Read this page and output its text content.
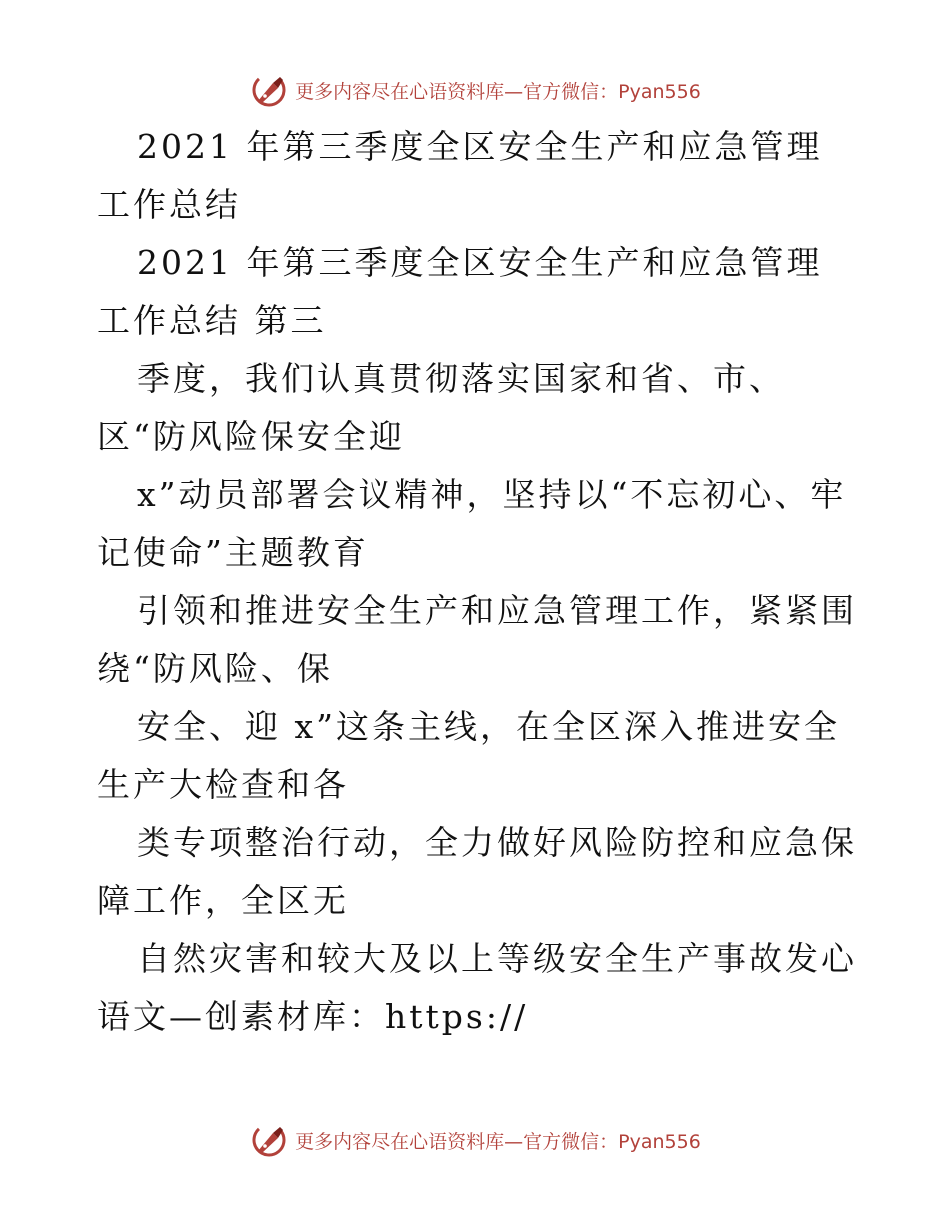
更多内容尽在心语资料库—官方微信：Pyan556

2021 年第三季度全区安全生产和应急管理工作总结

2021 年第三季度全区安全生产和应急管理工作总结 第三

季度，我们认真贯彻落实国家和省、市、区“防风险保安全迎

x”动员部署会议精神，坚持以“不忘初心、牢记使命”主题教育

引领和推进安全生产和应急管理工作，紧紧围绕“防风险、保

安全、迎 x”这条主线，在全区深入推进安全生产大检查和各

类专项整治行动，全力做好风险防控和应急保障工作，全区无

自然灾害和较大及以上等级安全生产事故发心语文—创素材库：https://

更多内容尽在心语资料库—官方微信：Pyan556
